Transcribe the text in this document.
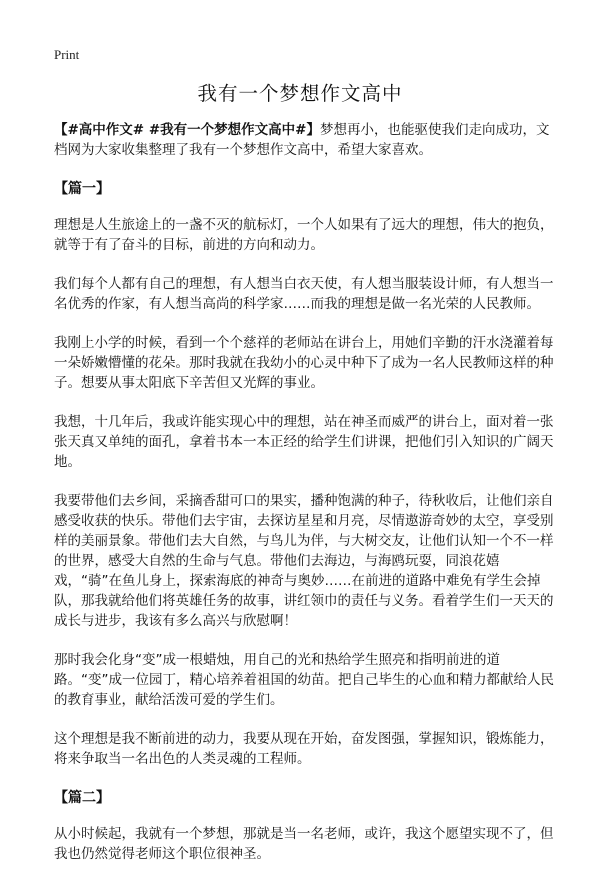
Print
我有一个梦想作文高中

【#高中作文# #我有一个梦想作文高中#】梦想再小，也能驱使我们走向成功，文档网为大家收集整理了我有一个梦想作文高中，希望大家喜欢。

【篇一】

理想是人生旅途上的一盏不灭的航标灯，一个人如果有了远大的理想，伟大的抱负，就等于有了奋斗的目标，前进的方向和动力。

我们每个人都有自己的理想，有人想当白衣天使，有人想当服装设计师，有人想当一名优秀的作家，有人想当高尚的科学家……而我的理想是做一名光荣的人民教师。

我刚上小学的时候，看到一个个慈祥的老师站在讲台上，用她们辛勤的汗水浇灌着每一朵娇嫩懵懂的花朵。那时我就在我幼小的心灵中种下了成为一名人民教师这样的种子。想要从事太阳底下辛苦但又光辉的事业。

我想，十几年后，我或许能实现心中的理想，站在神圣而威严的讲台上，面对着一张张天真又单纯的面孔，拿着书本一本正经的给学生们讲课，把他们引入知识的广阔天地。

我要带他们去乡间，采摘香甜可口的果实，播种饱满的种子，待秋收后，让他们亲自感受收获的快乐。带他们去宇宙，去探访星星和月亮，尽情遨游奇妙的太空，享受别样的美丽景象。带他们去大自然，与鸟儿为伴，与大树交友，让他们认知一个不一样的世界，感受大自然的生命与气息。带他们去海边，与海鸥玩耍，同浪花嬉戏，“骑”在鱼儿身上，探索海底的神奇与奥妙……在前进的道路中难免有学生会掉队，那我就给他们将英雄任务的故事，讲红领巾的责任与义务。看着学生们一天天的成长与进步，我该有多么高兴与欣慰啊！

那时我会化身“变”成一根蜡烛，用自己的光和热给学生照亮和指明前进的道路。“变”成一位园丁，精心培养着祖国的幼苗。把自己毕生的心血和精力都献给人民的教育事业，献给活泼可爱的学生们。

这个理想是我不断前进的动力，我要从现在开始，奋发图强，掌握知识，锻炼能力，将来争取当一名出色的人类灵魂的工程师。

【篇二】

从小时候起，我就有一个梦想，那就是当一名老师，或许，我这个愿望实现不了，但我也仍然觉得老师这个职位很神圣。
